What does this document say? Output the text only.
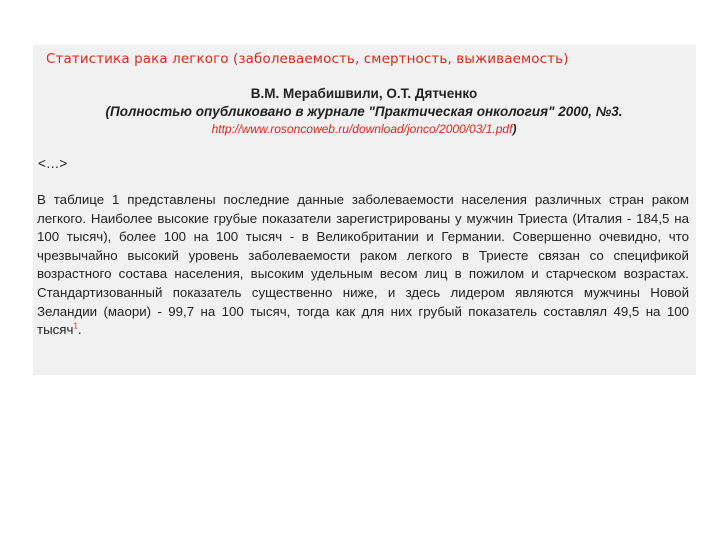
Статистика рака легкого (заболеваемость, смертность, выживаемость)
В.М. Мерабишвили, О.Т. Дятченко
(Полностью опубликовано в журнале "Практическая онкология" 2000, №3.
http://www.rosoncoweb.ru/download/jonco/2000/03/1.pdf)
<…>
В таблице 1 представлены последние данные заболеваемости населения различных стран раком легкого. Наиболее высокие грубые показатели зарегистрированы у мужчин Триеста (Италия - 184,5 на 100 тысяч), более 100 на 100 тысяч - в Великобритании и Германии. Совершенно очевидно, что чрезвычайно высокий уровень заболеваемости раком легкого в Триесте связан со спецификой возрастного состава населения, высоким удельным весом лиц в пожилом и старческом возрастах. Стандартизованный показатель существенно ниже, и здесь лидером являются мужчины Новой Зеландии (маори) - 99,7 на 100 тысяч, тогда как для них грубый показатель составлял 49,5 на 100 тысяч$^1$.
